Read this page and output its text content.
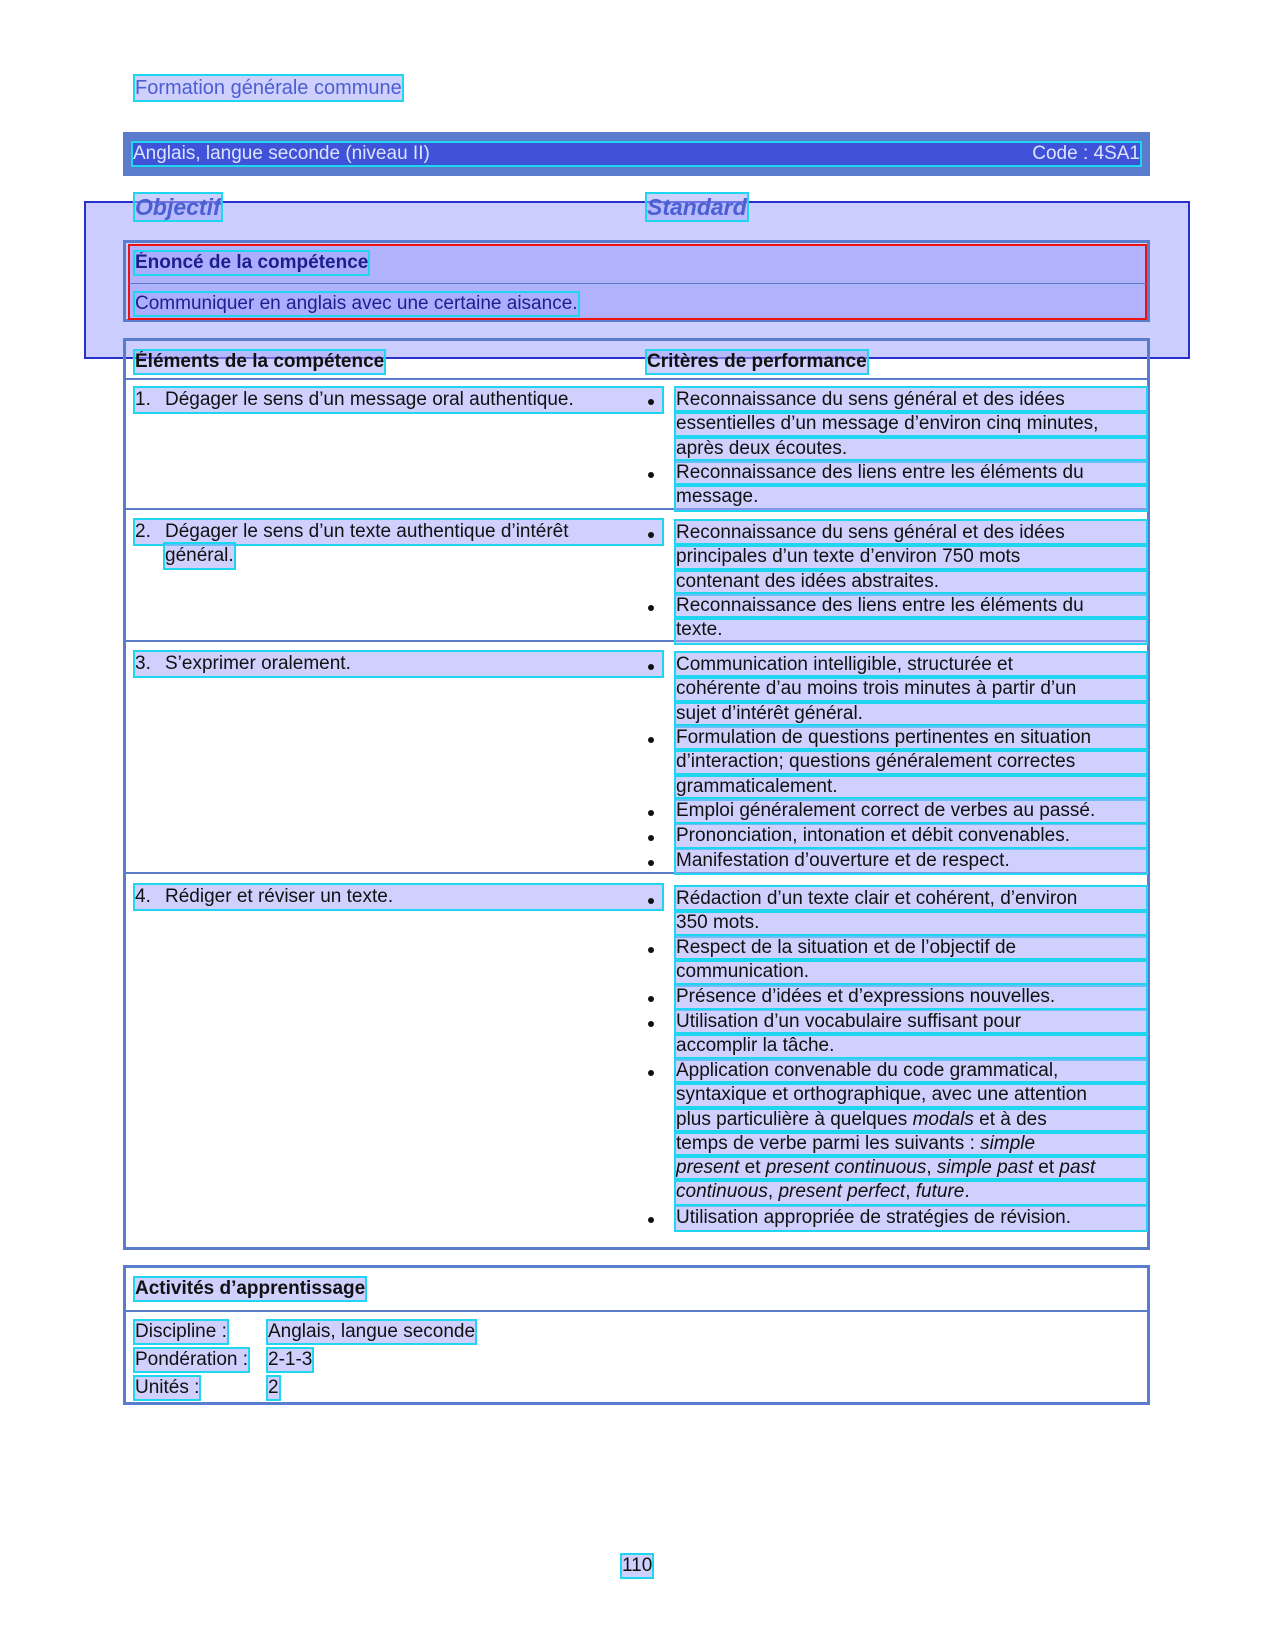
Formation générale commune
Anglais, langue seconde (niveau II)	Code : 4SA1
Objectif	Standard
Énoncé de la compétence
Communiquer en anglais avec une certaine aisance.
Éléments de la compétence	Critères de performance
1. Dégager le sens d’un message oral authentique.	Reconnaissance du sens général et des idées
essentielles d’un message d’environ cinq minutes,
après deux écoutes.
Reconnaissance des liens entre les éléments du
message.
2. Dégager le sens d’un texte authentique d’intérêt
général.
Reconnaissance du sens général et des idées
principales d’un texte d’environ 750 mots
contenant des idées abstraites.
Reconnaissance des liens entre les éléments du
texte.
3. S’exprimer oralement.	Communication intelligible, structurée et
cohérente d’au moins trois minutes à partir d’un
sujet d’intérêt général.
Formulation de questions pertinentes en situation
d’interaction; questions généralement correctes
grammaticalement.
Emploi généralement correct de verbes au passé.
Prononciation, intonation et débit convenables.
Manifestation d’ouverture et de respect.
4. Rédiger et réviser un texte.	Rédaction d’un texte clair et cohérent, d’environ
350 mots.
Respect de la situation et de l’objectif de
communication.
Présence d’idées et d’expressions nouvelles.
Utilisation d’un vocabulaire suffisant pour
accomplir la tâche.
Application convenable du code grammatical,
syntaxique et orthographique, avec une attention
plus particulière à quelques modals et à des
temps de verbe parmi les suivants : simple
present et present continuous, simple past et past
continuous, present perfect, future.
Utilisation appropriée de stratégies de révision.
Activités d’apprentissage
Discipline : Anglais, langue seconde
Pondération : 2-1-3
Unités :	2
110
